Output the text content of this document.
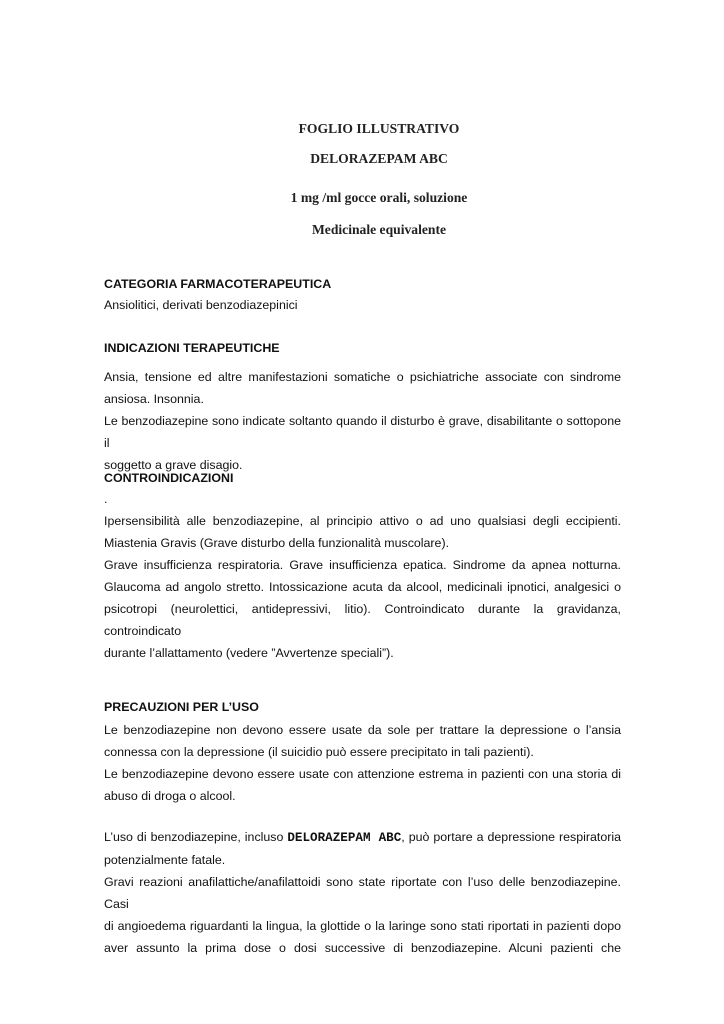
FOGLIO ILLUSTRATIVO
DELORAZEPAM ABC
1 mg /ml gocce orali, soluzione
Medicinale equivalente

CATEGORIA FARMACOTERAPEUTICA

Ansiolitici, derivati benzodiazepinici

INDICAZIONI TERAPEUTICHE

Ansia, tensione ed altre manifestazioni somatiche o psichiatriche associate con sindrome

ansiosa. Insonnia.

Le benzodiazepine sono indicate soltanto quando il disturbo è grave, disabilitante o sottopone il

soggetto a grave disagio.

CONTROINDICAZIONI

.

Ipersensibilità alle benzodiazepine, al principio attivo o ad uno qualsiasi degli eccipienti.

Miastenia Gravis (Grave disturbo della funzionalità muscolare).

Grave insufficienza respiratoria. Grave insufficienza epatica. Sindrome da apnea notturna.

Glaucoma ad angolo stretto. Intossicazione acuta da alcool, medicinali ipnotici, analgesici o

psicotropi (neurolettici, antidepressivi, litio). Controindicato durante la gravidanza, controindicato

durante l’allattamento (vedere ”Avvertenze speciali”).

PRECAUZIONI PER L’USO

Le benzodiazepine non devono essere usate da sole per trattare la depressione o l’ansia

connessa con la depressione (il suicidio può essere precipitato in tali pazienti).

Le benzodiazepine devono essere usate con attenzione estrema in pazienti con una storia di

abuso di droga o alcool.

L’uso di benzodiazepine, incluso DELORAZEPAM ABC, può portare a depressione respiratoria

potenzialmente fatale.

Gravi reazioni anafilattiche/anafilattoidi sono state riportate con l’uso delle benzodiazepine. Casi

di angioedema riguardanti la lingua, la glottide o la laringe sono stati riportati in pazienti dopo

aver assunto la prima dose o dosi successive di benzodiazepine. Alcuni pazienti che
